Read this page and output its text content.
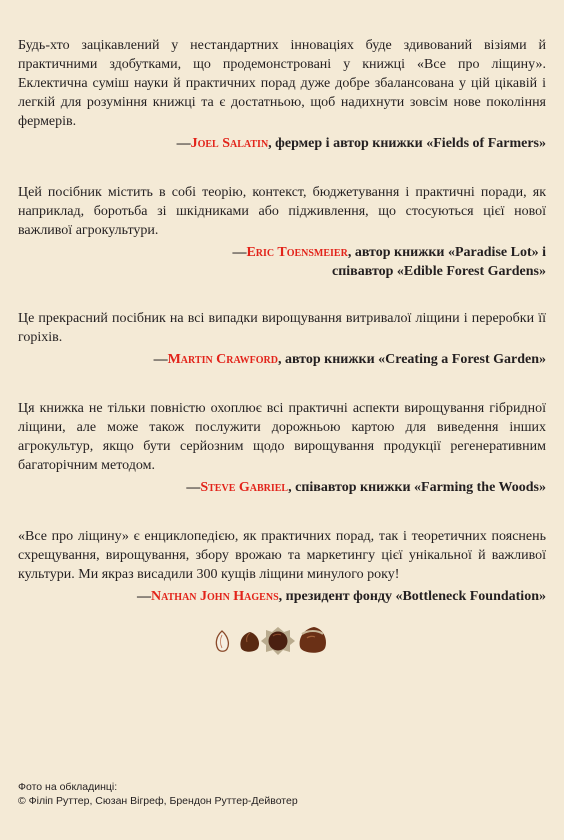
Будь-хто зацікавлений у нестандартних інноваціях буде здивований візіями й практичними здобутками, що продемонстровані у книжці «Все про ліщину». Еклектична суміш науки й практичних порад дуже добре збалансована у цій цікавій і легкій для розуміння книжці та є достатньою, щоб надихнути зовсім нове покоління фермерів.

—Joel Salatin, фермер і автор книжки «Fields of Farmers»

Цей посібник містить в собі теорію, контекст, бюджетування і практичні поради, як наприклад, боротьба зі шкідниками або підживлення, що стосуються цієї нової важливої агрокультури.

—Eric Toensmeier, автор книжки «Paradise Lot» і
співавтор «Edible Forest Gardens»

Це прекрасний посібник на всі випадки вирощування витривалої ліщини і переробки її горіхів.

—Martin Crawford, автор книжки «Creating a Forest Garden»

Ця книжка не тільки повністю охоплює всі практичні аспекти вирощування гібридної ліщини, але може також послужити дорожньою картою для виведення інших агрокультур, якщо бути серйозним щодо вирощування продукції регенеративним багаторічним методом.

—Steve Gabriel, співавтор книжки «Farming the Woods»

«Все про ліщину» є енциклопедією, як практичних порад, так і теоретичних пояснень схрещування, вирощування, збору врожаю та маркетингу цієї унікальної й важливої культури. Ми якраз висадили 300 кущів ліщини минулого року!

—Nathan John Hagens, президент фонду «Bottleneck Foundation»

Фото на обкладинці:
© Філіп Руттер, Сюзан Вігреф, Брендон Руттер-Дейвотер
